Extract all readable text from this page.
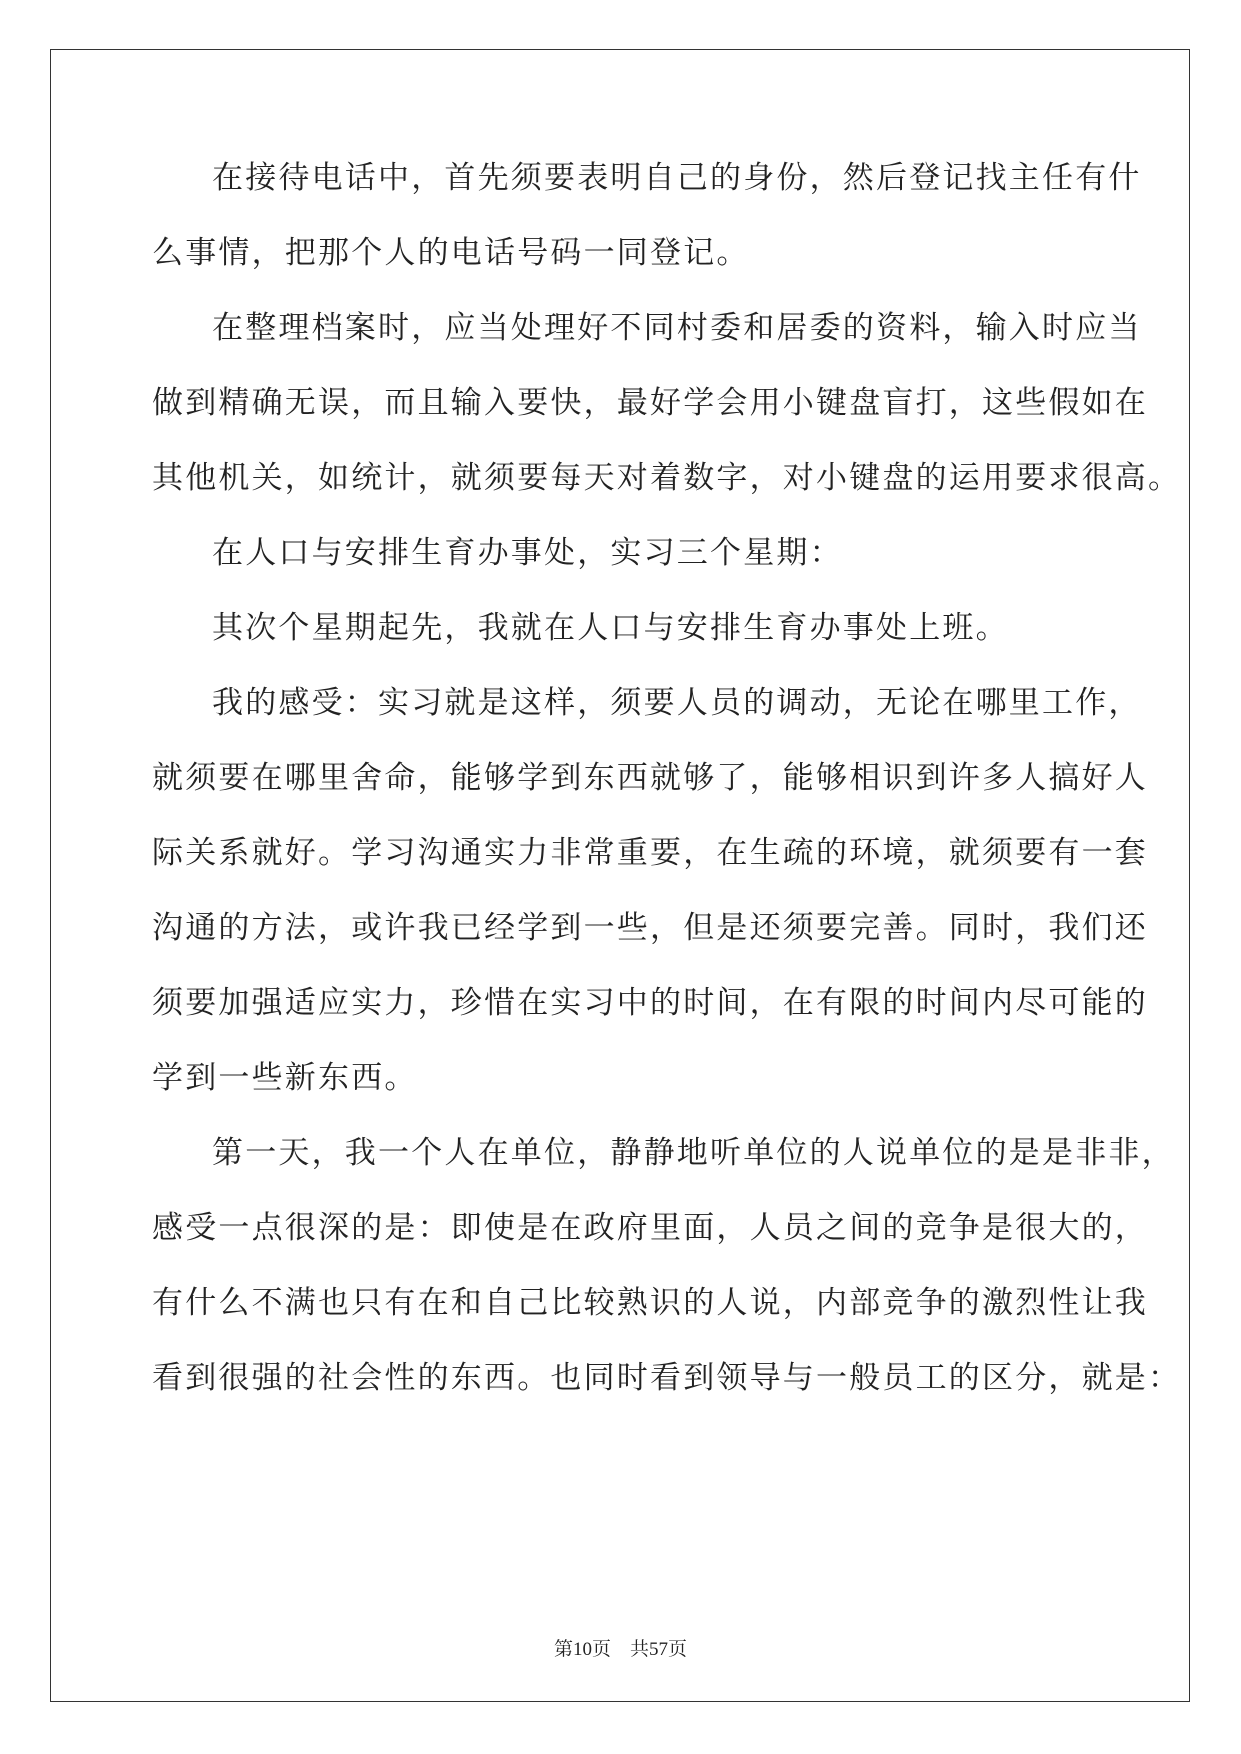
在接待电话中，首先须要表明自己的身份，然后登记找主任有什
么事情，把那个人的电话号码一同登记。
在整理档案时，应当处理好不同村委和居委的资料，输入时应当
做到精确无误，而且输入要快，最好学会用小键盘盲打，这些假如在
其他机关，如统计，就须要每天对着数字，对小键盘的运用要求很高。
在人口与安排生育办事处，实习三个星期：
其次个星期起先，我就在人口与安排生育办事处上班。
我的感受：实习就是这样，须要人员的调动，无论在哪里工作，
就须要在哪里舍命，能够学到东西就够了，能够相识到许多人搞好人
际关系就好。学习沟通实力非常重要，在生疏的环境，就须要有一套
沟通的方法，或许我已经学到一些，但是还须要完善。同时，我们还
须要加强适应实力，珍惜在实习中的时间，在有限的时间内尽可能的
学到一些新东西。
第一天，我一个人在单位，静静地听单位的人说单位的是是非非，
感受一点很深的是：即使是在政府里面，人员之间的竞争是很大的，
有什么不满也只有在和自己比较熟识的人说，内部竞争的激烈性让我
看到很强的社会性的东西。也同时看到领导与一般员工的区分，就是：
第10页　共57页
